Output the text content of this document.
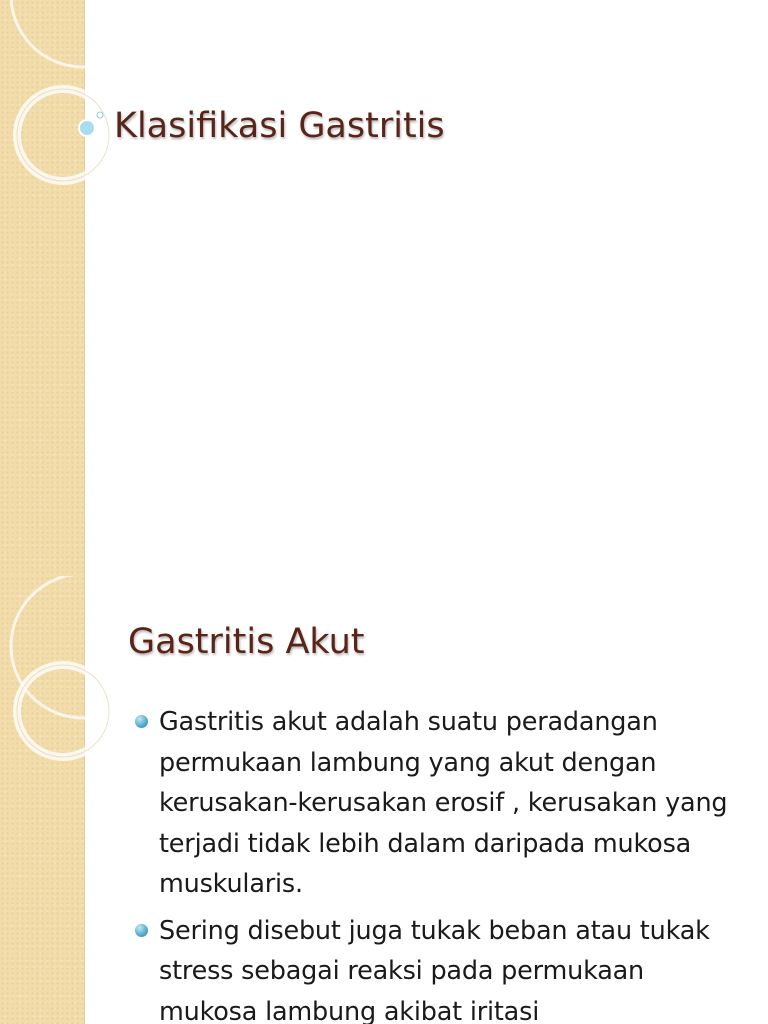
Klasifikasi Gastritis
Gastritis Akut
Gastritis akut adalah suatu peradangan permukaan lambung yang akut dengan kerusakan-kerusakan erosif , kerusakan yang terjadi tidak lebih dalam daripada mukosa muskularis.
Sering disebut juga tukak beban atau tukak stress sebagai reaksi pada permukaan mukosa lambung akibat iritasi
